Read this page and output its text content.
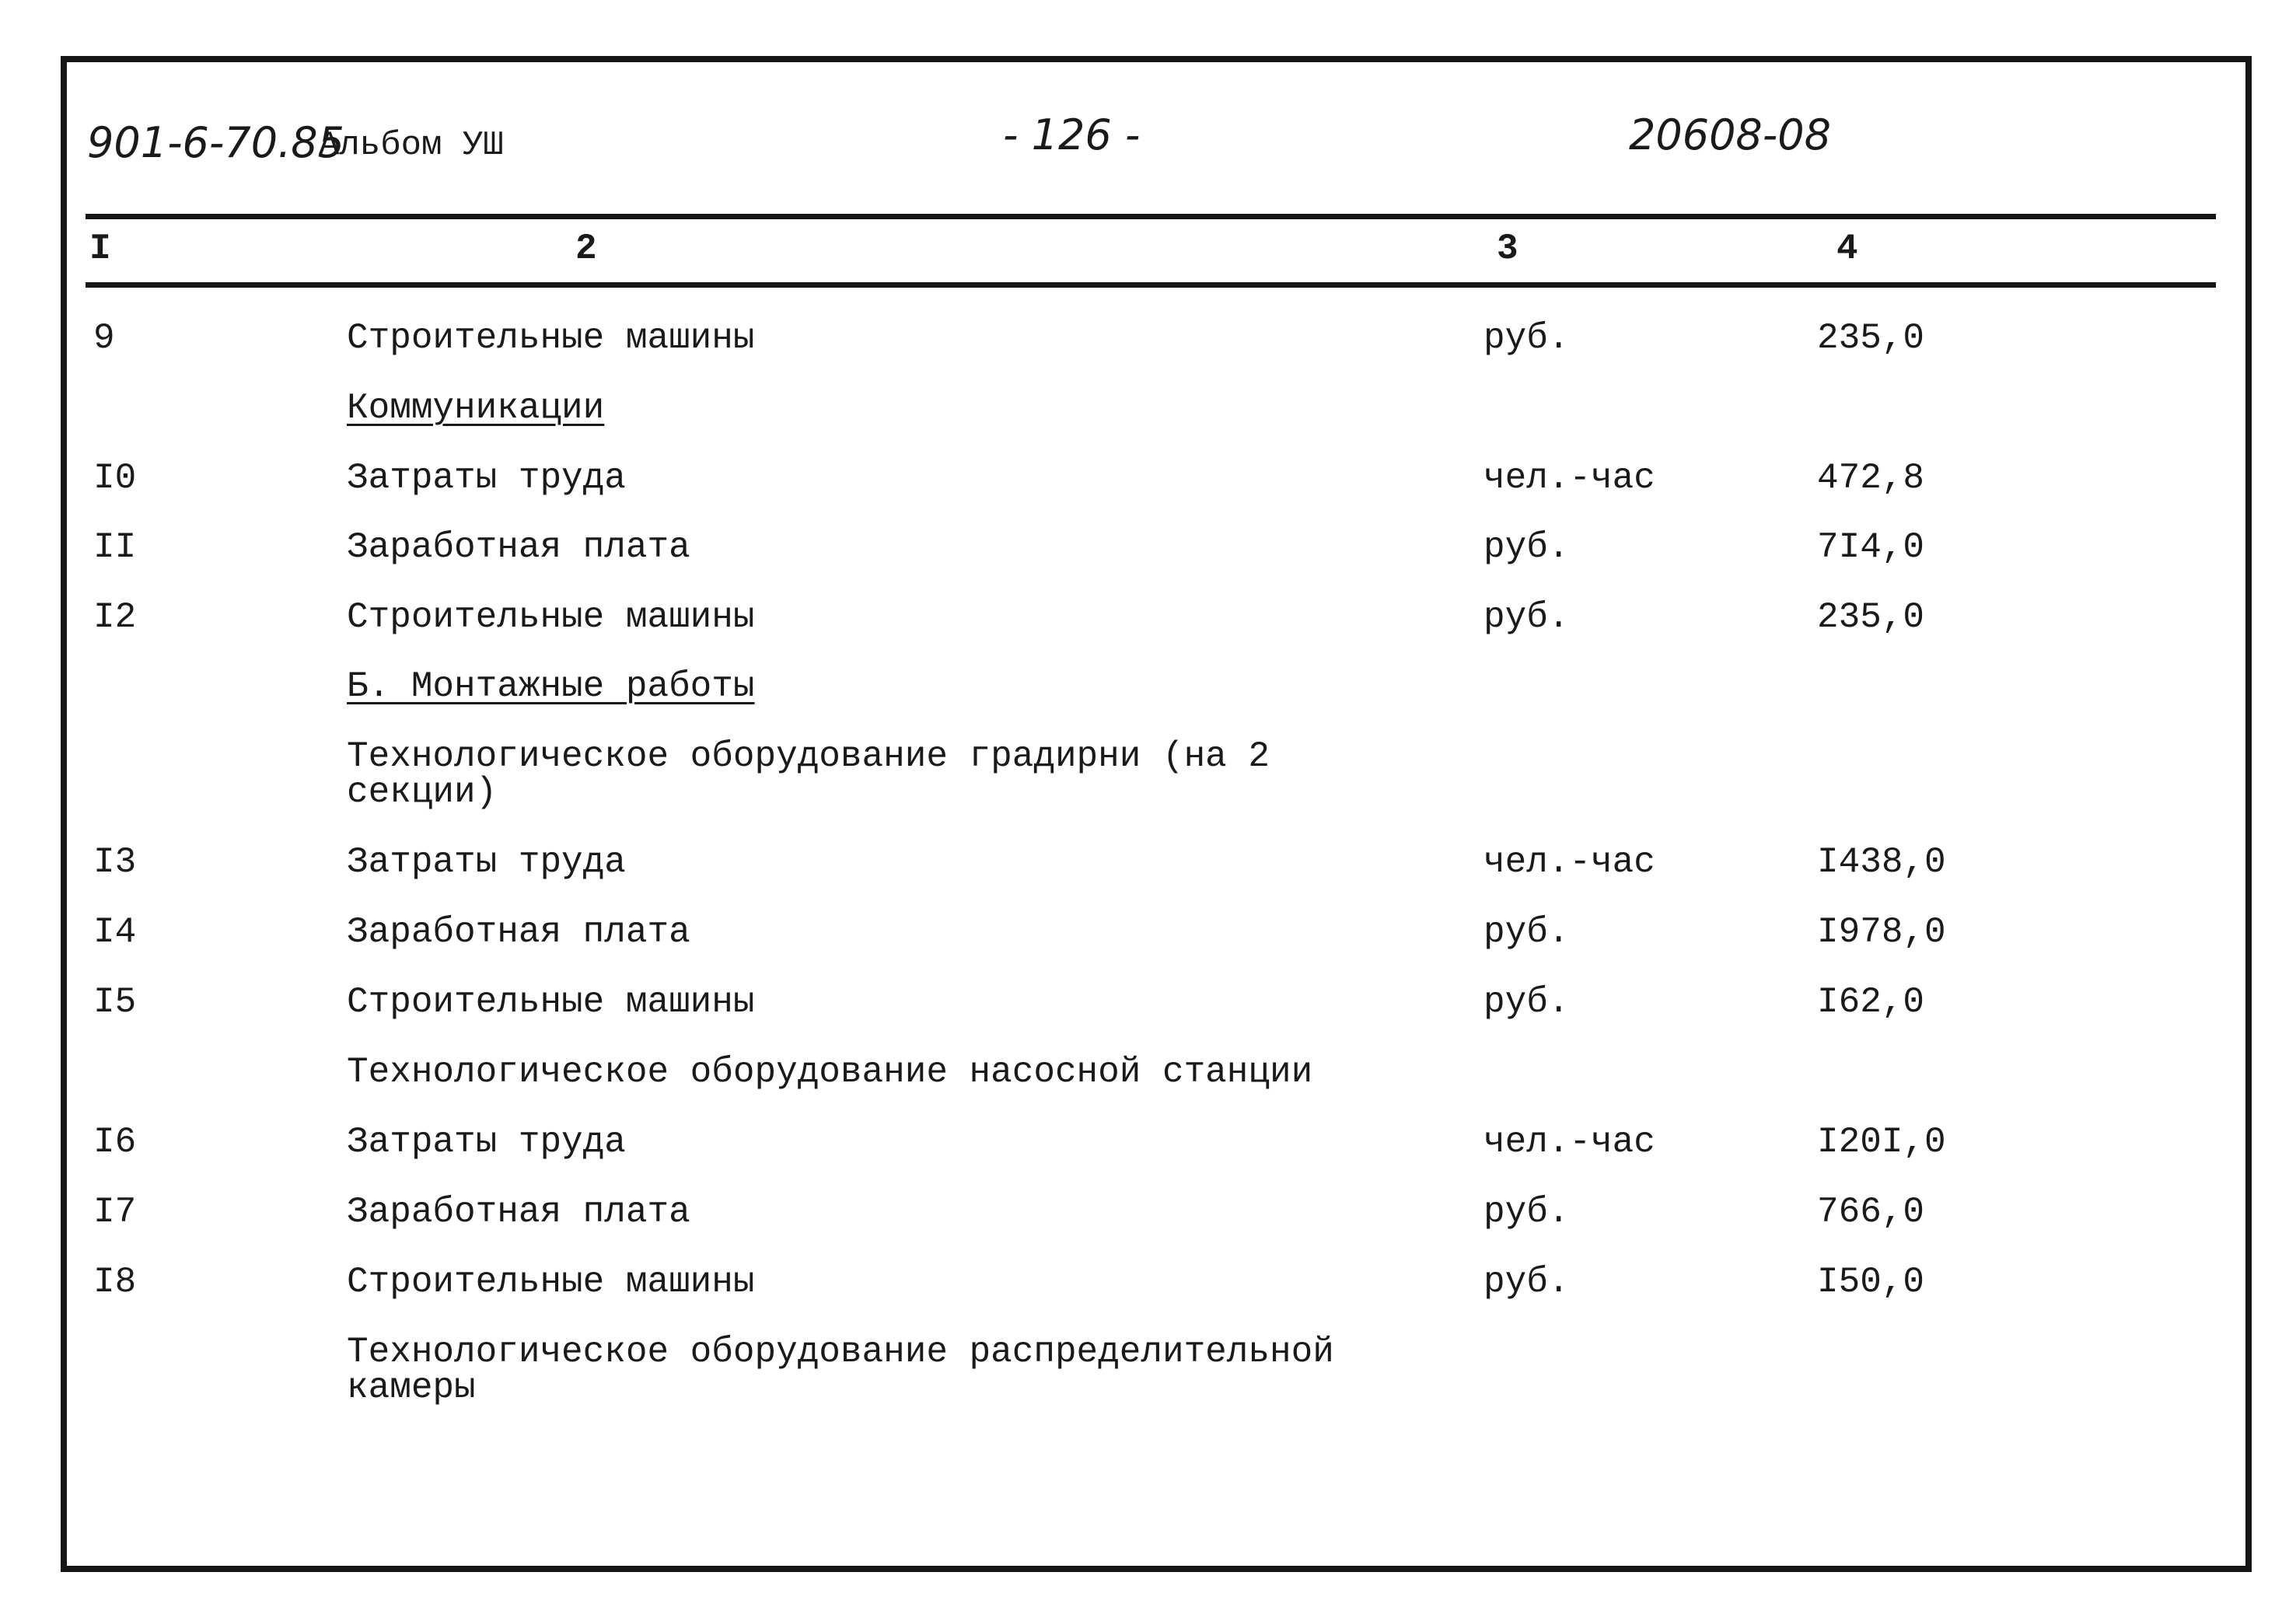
901-6-70.85
Альбом УШ	- 126 -	20608-08
I	2	3	4
9	Строительные машины	руб.	235,0
Коммуникации
I0	Затраты труда	чел.-час	472,8
II	Заработная плата	руб.	7I4,0
I2	Строительные машины	руб.	235,0
Б. Монтажные работы
Технологическое оборудование градирни (на 2 секции)
I3	Затраты труда	чел.-час	I438,0
I4	Заработная плата	руб.	I978,0
I5	Строительные машины	руб.	I62,0
Технологическое оборудование насосной станции
I6	Затраты труда	чел.-час	I20I,0
I7	Заработная плата	руб.	766,0
I8	Строительные машины	руб.	I50,0
Технологическое оборудование распределительной камеры
